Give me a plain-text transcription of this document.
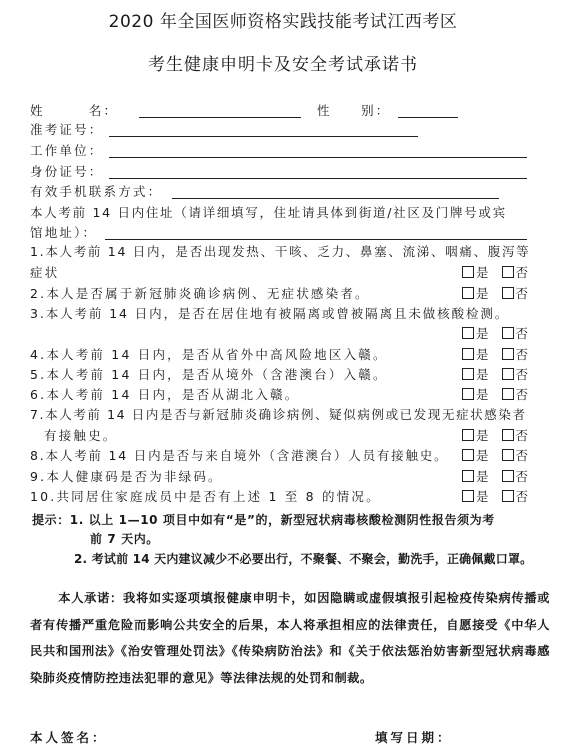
2020 年全国医师资格实践技能考试江西考区
考生健康申明卡及安全考试承诺书
姓　　　名：	性　　别：
准考证号：
工作单位：
身份证号：
有效手机联系方式：
本人考前 14 日内住址（请详细填写，住址请具体到街道/社区及门牌号或宾
馆地址）：
1.本人考前 14 日内，是否出现发热、干咳、乏力、鼻塞、流涕、咽痛、腹泻等
症状	是 否
2.本人是否属于新冠肺炎确诊病例、无症状感染者。	是 否
3.本人考前 14 日内，是否在居住地有被隔离或曾被隔离且未做核酸检测。
是 否
4.本人考前 14 日内，是否从省外中高风险地区入赣。	是 否
5.本人考前 14 日内，是否从境外（含港澳台）入赣。	是 否
6.本人考前 14 日内，是否从湖北入赣。	是 否
7.本人考前 14 日内是否与新冠肺炎确诊病例、疑似病例或已发现无症状感染者
有接触史。	是 否
8.本人考前 14 日内是否与来自境外（含港澳台）人员有接触史。	是 否
9.本人健康码是否为非绿码。	是 否
10.共同居住家庭成员中是否有上述 1 至 8 的情况。	是 否
提示：1. 以上 1—10 项目中如有“是”的，新型冠状病毒核酸检测阴性报告须为考
前 7 天内。
2. 考试前 14 天内建议减少不必要出行，不聚餐、不聚会，勤洗手，正确佩戴口罩。
本人承诺：我将如实逐项填报健康申明卡，如因隐瞒或虚假填报引起检疫传染病传播或者有传播严重危险而影响公共安全的后果，本人将承担相应的法律责任，自愿接受《中华人民共和国刑法》《治安管理处罚法》《传染病防治法》和《关于依法惩治妨害新型冠状病毒感染肺炎疫情防控违法犯罪的意见》等法律法规的处罚和制裁。
本人签名：	填写日期：
